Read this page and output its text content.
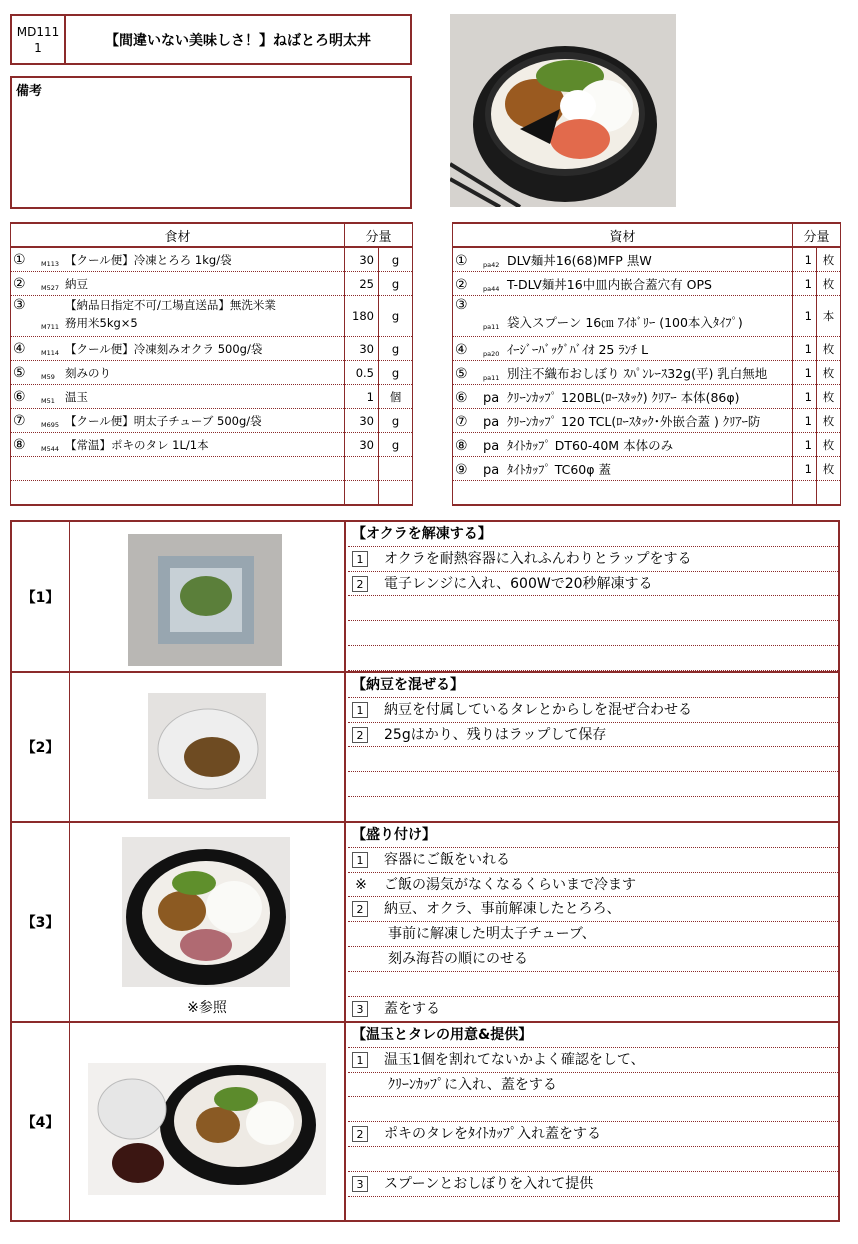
MD111
1	【間違いない美味しさ！】ねばとろ明太丼
備考
食材	分量	
① M113 【クール便】冷凍とろろ 1kg/袋	30	g
② M527 納豆	25	g

③ 【納品日指定不可/工場直送品】無洗米業
M711 務用米5kg×5	180	g
④ M114 【クール便】冷凍刻みオクラ 500g/袋	30	g
⑤ M59 刻みのり	0.5	g
⑥ M51 温玉	1	個
⑦ M695 【クール便】明太子チューブ 500g/袋	30	g
⑧ M544 【常温】ポキのタレ 1L/1本	30	g

資材	分量	
① pa42 DLV麺丼16(68)MFP 黒W	1	枚
② pa44 T-DLV麺丼16中皿内嵌合蓋穴有 OPS	1	枚

③
pa11 袋入スプーン 16㎝ ｱｲﾎﾞﾘｰ (100本入ﾀｲﾌﾟ)	1	本
④ pa20 ｲｰｼﾞｰﾊﾞｯｸﾞﾊﾞｲｵ 25 ﾗﾝﾁ L	1	枚
⑤ pa11 別注不織布おしぼり ｽﾊﾟﾝﾚｰｽ32g(平) 乳白無地	1	枚
⑥ pa ｸﾘｰﾝｶｯﾌﾟ 120BL(ﾛｰｽﾀｯｸ) ｸﾘｱｰ 本体(86φ)	1	枚
⑦ pa ｸﾘｰﾝｶｯﾌﾟ 120 TCL(ﾛｰｽﾀｯｸ･外嵌合蓋 ) ｸﾘｱｰ防	1	枚
⑧ pa ﾀｲﾄｶｯﾌﾟ DT60-40M 本体のみ	1	枚
⑨ pa ﾀｲﾄｶｯﾌﾟ TC60φ 蓋	1	枚

【1】
【オクラを解凍する】
1 オクラを耐熱容器に入れふんわりとラップをする
2 電子レンジに入れ、600Wで20秒解凍する
【2】
【納豆を混ぜる】
1 納豆を付属しているタレとからしを混ぜ合わせる
2 25gはかり、残りはラップして保存
【3】
※参照
【盛り付け】
1 容器にご飯をいれる
※ ご飯の湯気がなくなるくらいまで冷ます
2 納豆、オクラ、事前解凍したとろろ、
事前に解凍した明太子チューブ、
刻み海苔の順にのせる
3 蓋をする
【4】
【温玉とタレの用意&提供】
1 温玉1個を割れてないかよく確認をして、
ｸﾘｰﾝｶｯﾌﾟに入れ、蓋をする
2 ポキのタレをﾀｲﾄｶｯﾌﾟ入れ蓋をする
3 スプーンとおしぼりを入れて提供
